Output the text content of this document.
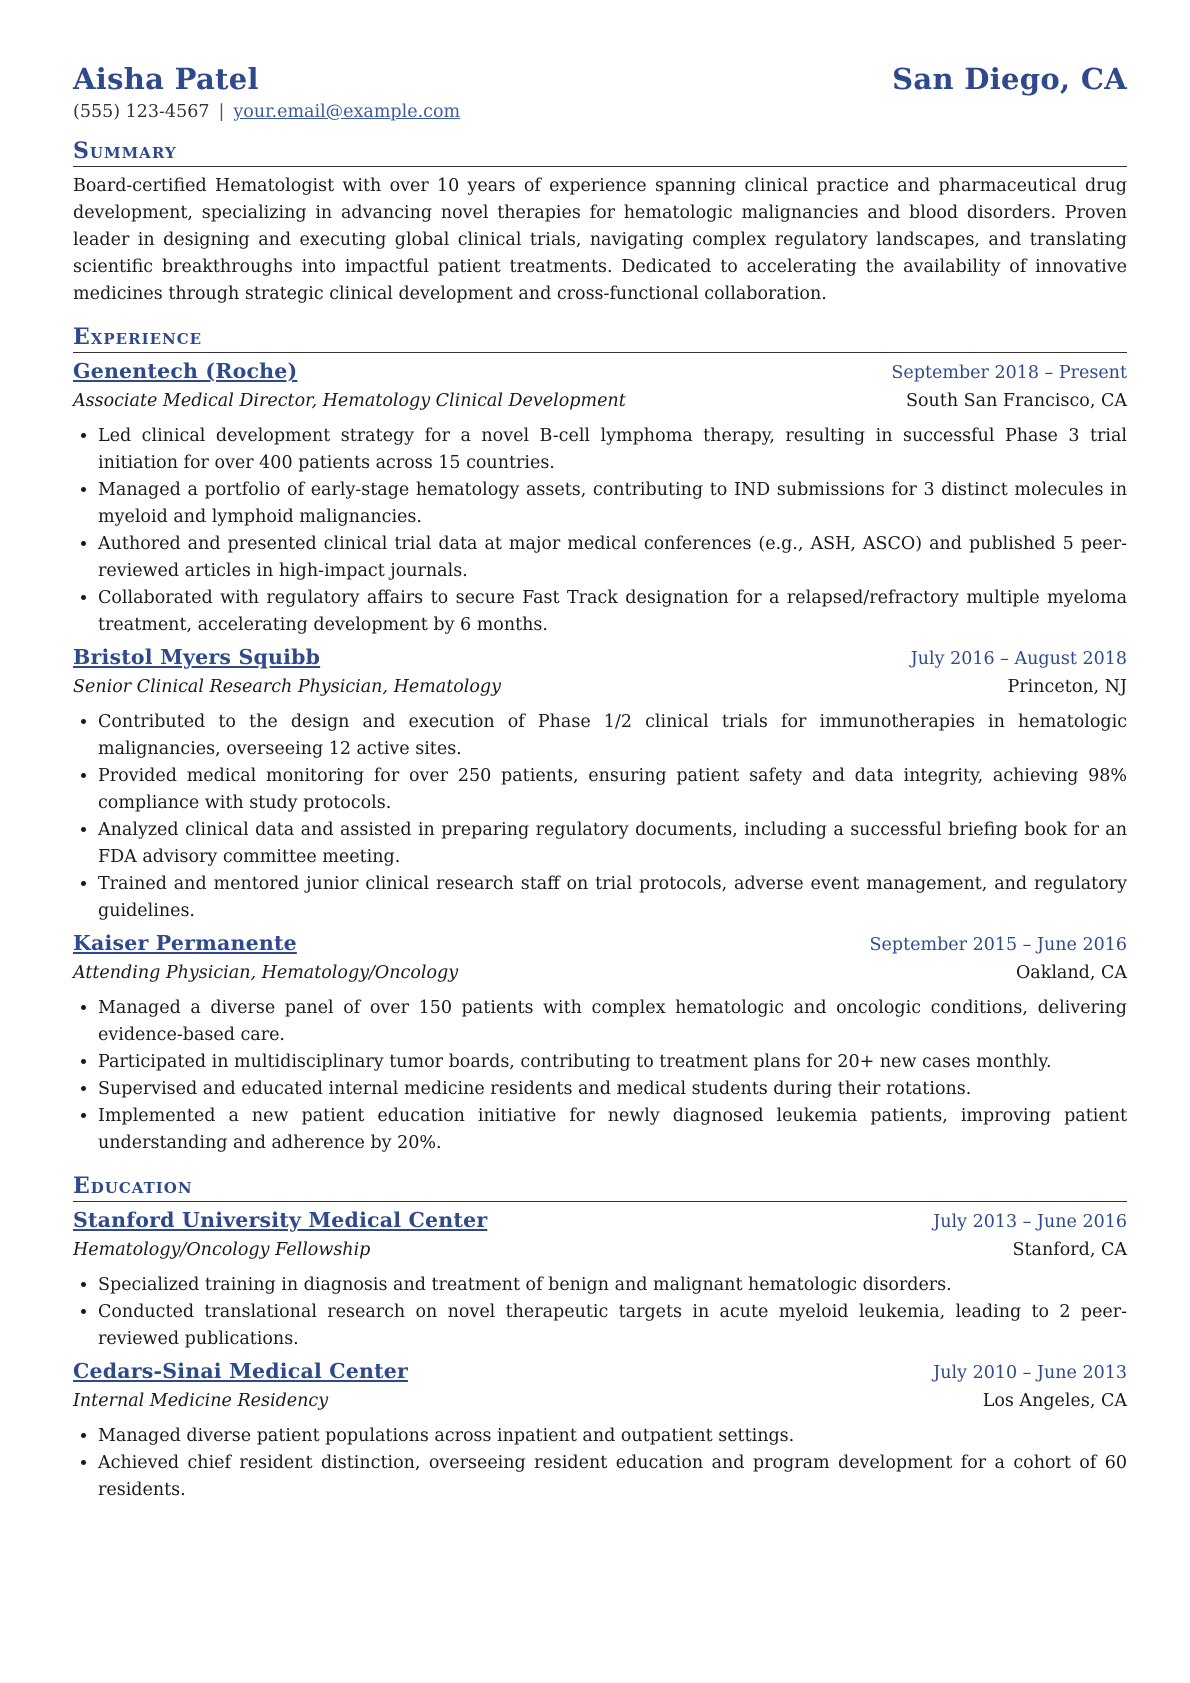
Aisha Patel	San Diego, CA
(555) 123-4567 | your.email@example.com
Summary
Board-certified Hematologist with over 10 years of experience spanning clinical practice and pharmaceutical drug development, specializing in advancing novel therapies for hematologic malignancies and blood disorders. Proven leader in designing and executing global clinical trials, navigating complex regulatory landscapes, and translating scientific breakthroughs into impactful patient treatments. Dedicated to accelerating the availability of innovative medicines through strategic clinical development and cross-functional collaboration.
Experience
Genentech (Roche)	September 2018 – Present
Associate Medical Director, Hematology Clinical Development	South San Francisco, CA
• Led clinical development strategy for a novel B-cell lymphoma therapy, resulting in successful Phase 3 trial initiation for over 400 patients across 15 countries.
• Managed a portfolio of early-stage hematology assets, contributing to IND submissions for 3 distinct molecules in myeloid and lymphoid malignancies.
• Authored and presented clinical trial data at major medical conferences (e.g., ASH, ASCO) and published 5 peer-reviewed articles in high-impact journals.
• Collaborated with regulatory affairs to secure Fast Track designation for a relapsed/refractory multiple myeloma treatment, accelerating development by 6 months.
Bristol Myers Squibb	July 2016 – August 2018
Senior Clinical Research Physician, Hematology	Princeton, NJ
• Contributed to the design and execution of Phase 1/2 clinical trials for immunotherapies in hematologic malignancies, overseeing 12 active sites.
• Provided medical monitoring for over 250 patients, ensuring patient safety and data integrity, achieving 98% compliance with study protocols.
• Analyzed clinical data and assisted in preparing regulatory documents, including a successful briefing book for an FDA advisory committee meeting.
• Trained and mentored junior clinical research staff on trial protocols, adverse event management, and regulatory guidelines.
Kaiser Permanente	September 2015 – June 2016
Attending Physician, Hematology/Oncology	Oakland, CA
• Managed a diverse panel of over 150 patients with complex hematologic and oncologic conditions, delivering evidence-based care.
• Participated in multidisciplinary tumor boards, contributing to treatment plans for 20+ new cases monthly.
• Supervised and educated internal medicine residents and medical students during their rotations.
• Implemented a new patient education initiative for newly diagnosed leukemia patients, improving patient understanding and adherence by 20%.
Education
Stanford University Medical Center	July 2013 – June 2016
Hematology/Oncology Fellowship	Stanford, CA
• Specialized training in diagnosis and treatment of benign and malignant hematologic disorders.
• Conducted translational research on novel therapeutic targets in acute myeloid leukemia, leading to 2 peer-reviewed publications.
Cedars-Sinai Medical Center	July 2010 – June 2013
Internal Medicine Residency	Los Angeles, CA
• Managed diverse patient populations across inpatient and outpatient settings.
• Achieved chief resident distinction, overseeing resident education and program development for a cohort of 60 residents.
